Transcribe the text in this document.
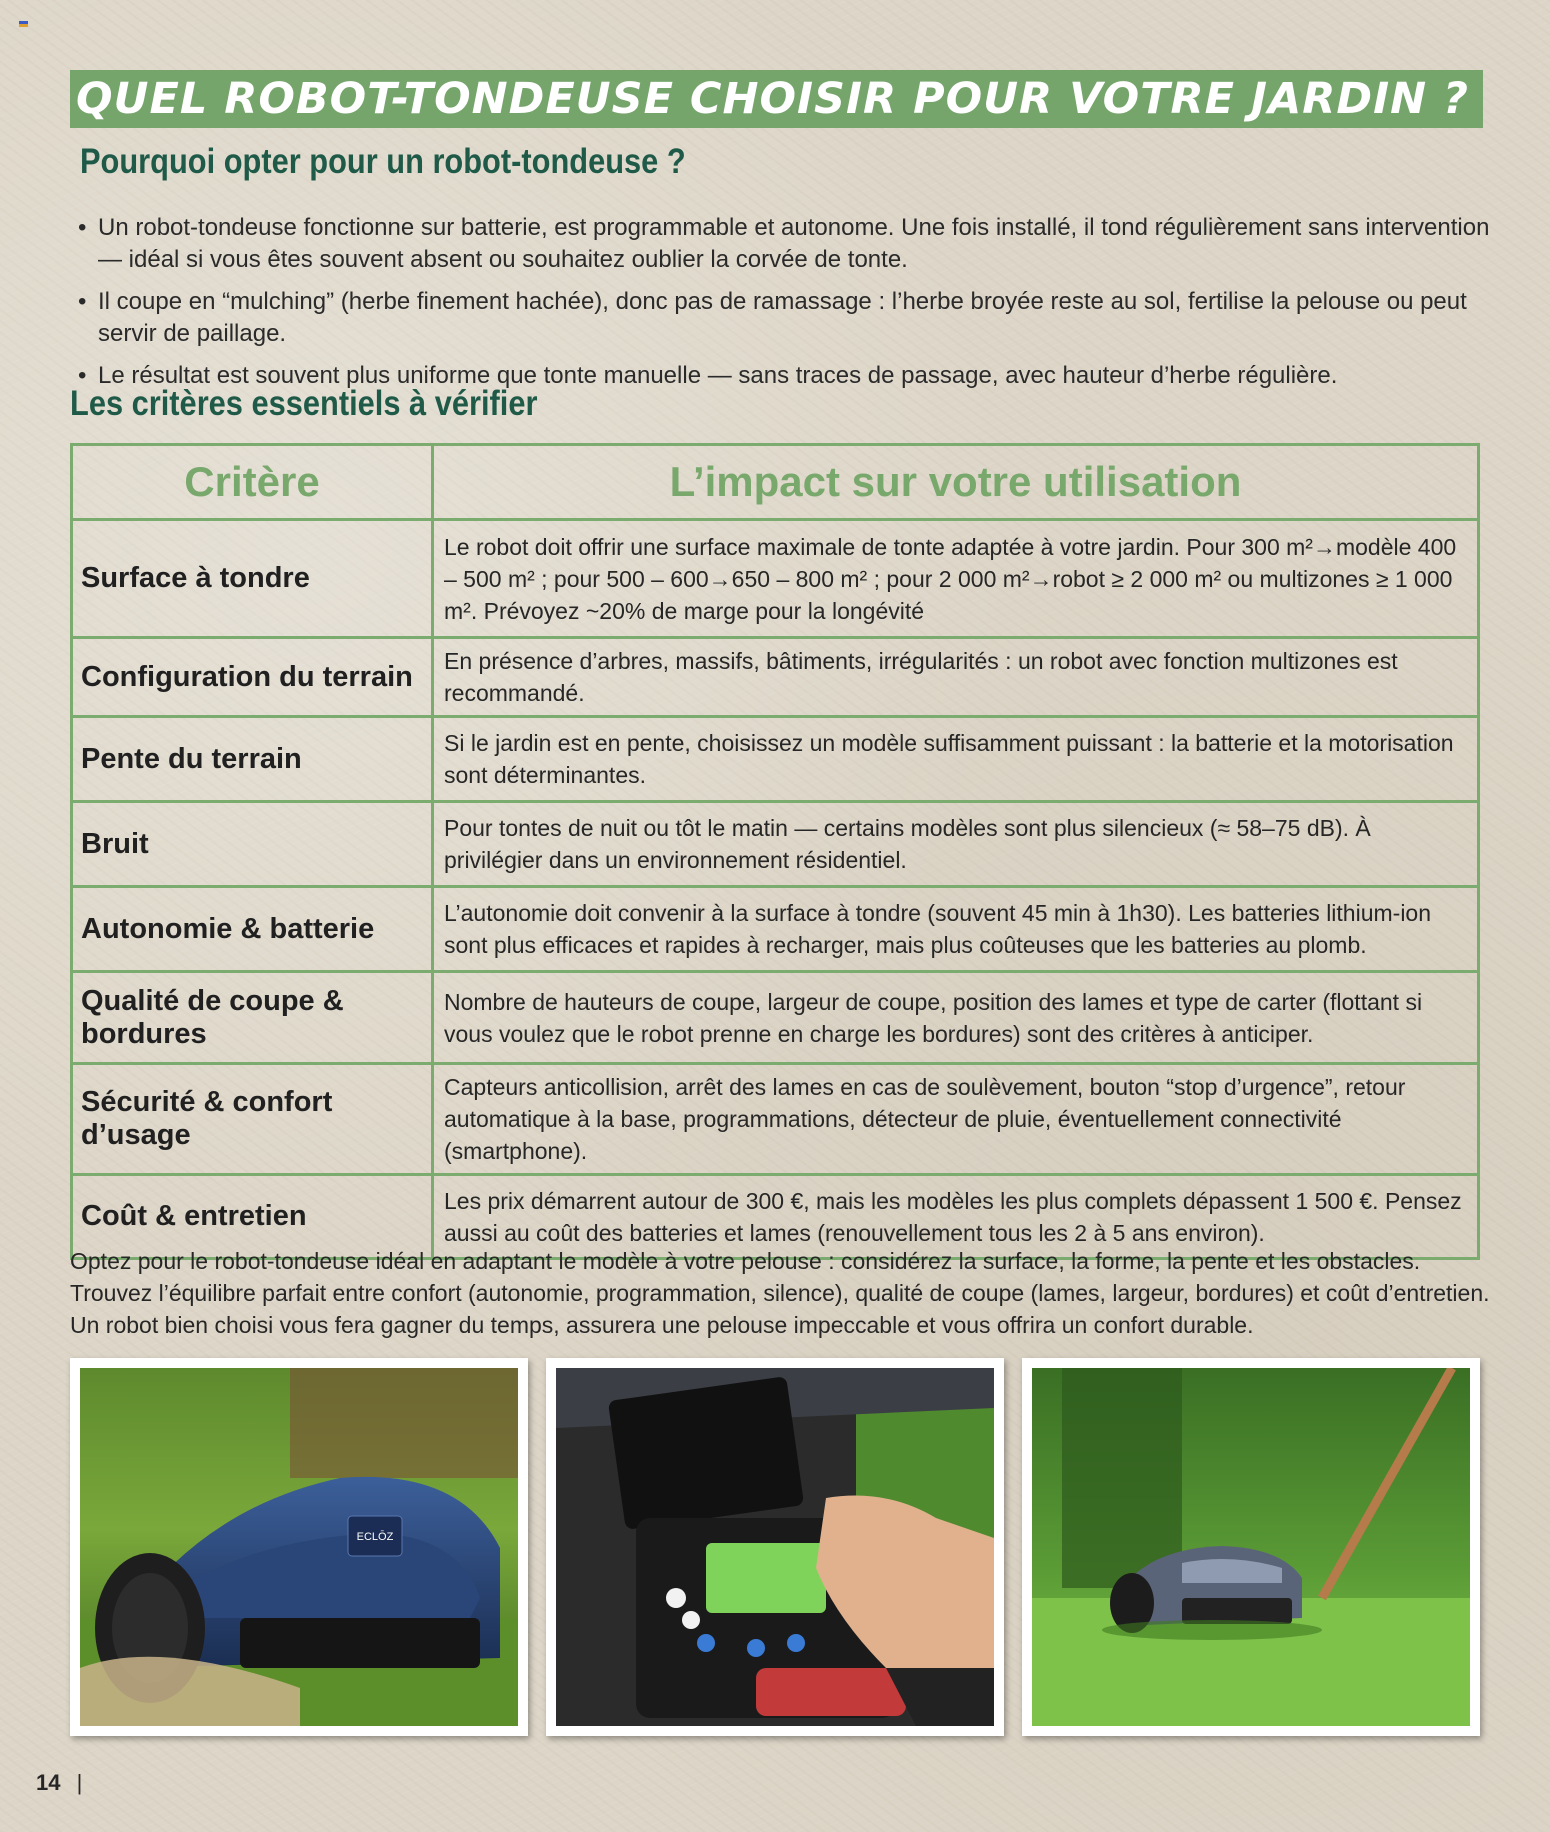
QUEL ROBOT-TONDEUSE CHOISIR POUR VOTRE JARDIN ?
Pourquoi opter pour un robot-tondeuse ?
• Un robot-tondeuse fonctionne sur batterie, est programmable et autonome. Une fois installé, il tond régulièrement sans intervention — idéal si vous êtes souvent absent ou souhaitez oublier la corvée de tonte.
• Il coupe en “mulching” (herbe finement hachée), donc pas de ramassage : l’herbe broyée reste au sol, fertilise la pelouse ou peut servir de paillage.
• Le résultat est souvent plus uniforme que tonte manuelle — sans traces de passage, avec hauteur d’herbe régulière.
Les critères essentiels à vérifier
Critère	L’impact sur votre utilisation
Surface à tondre	Le robot doit offrir une surface maximale de tonte adaptée à votre jardin. Pour 300 m²→modèle 400 – 500 m² ; pour 500 – 600→650 – 800 m² ; pour 2 000 m²→robot ≥ 2 000 m² ou multizones ≥ 1 000 m². Prévoyez ~20% de marge pour la longévité
Configuration du terrain	En présence d’arbres, massifs, bâtiments, irrégularités : un robot avec fonction multizones est recommandé.
Pente du terrain	Si le jardin est en pente, choisissez un modèle suffisamment puissant : la batterie et la motorisation sont déterminantes.
Bruit	Pour tontes de nuit ou tôt le matin — certains modèles sont plus silencieux (≈ 58–75 dB). À privilégier dans un environnement résidentiel.
Autonomie & batterie	L’autonomie doit convenir à la surface à tondre (souvent 45 min à 1h30). Les batteries lithium-ion sont plus efficaces et rapides à recharger, mais plus coûteuses que les batteries au plomb.
Qualité de coupe & bordures	Nombre de hauteurs de coupe, largeur de coupe, position des lames et type de carter (flottant si vous voulez que le robot prenne en charge les bordures) sont des critères à anticiper.
Sécurité & confort d’usage	Capteurs anticollision, arrêt des lames en cas de soulèvement, bouton “stop d’urgence”, retour automatique à la base, programmations, détecteur de pluie, éventuellement connectivité (smartphone).
Coût & entretien	Les prix démarrent autour de 300 €, mais les modèles les plus complets dépassent 1 500 €. Pensez aussi au coût des batteries et lames (renouvellement tous les 2 à 5 ans environ).

Optez pour le robot-tondeuse idéal en adaptant le modèle à votre pelouse : considérez la surface, la forme, la pente et les obstacles.

Trouvez l’équilibre parfait entre confort (autonomie, programmation, silence), qualité de coupe (lames, largeur, bordures) et coût d’entretien.

Un robot bien choisi vous fera gagner du temps, assurera une pelouse impeccable et vous offrira un confort durable.

ECLŌZ
14 |
